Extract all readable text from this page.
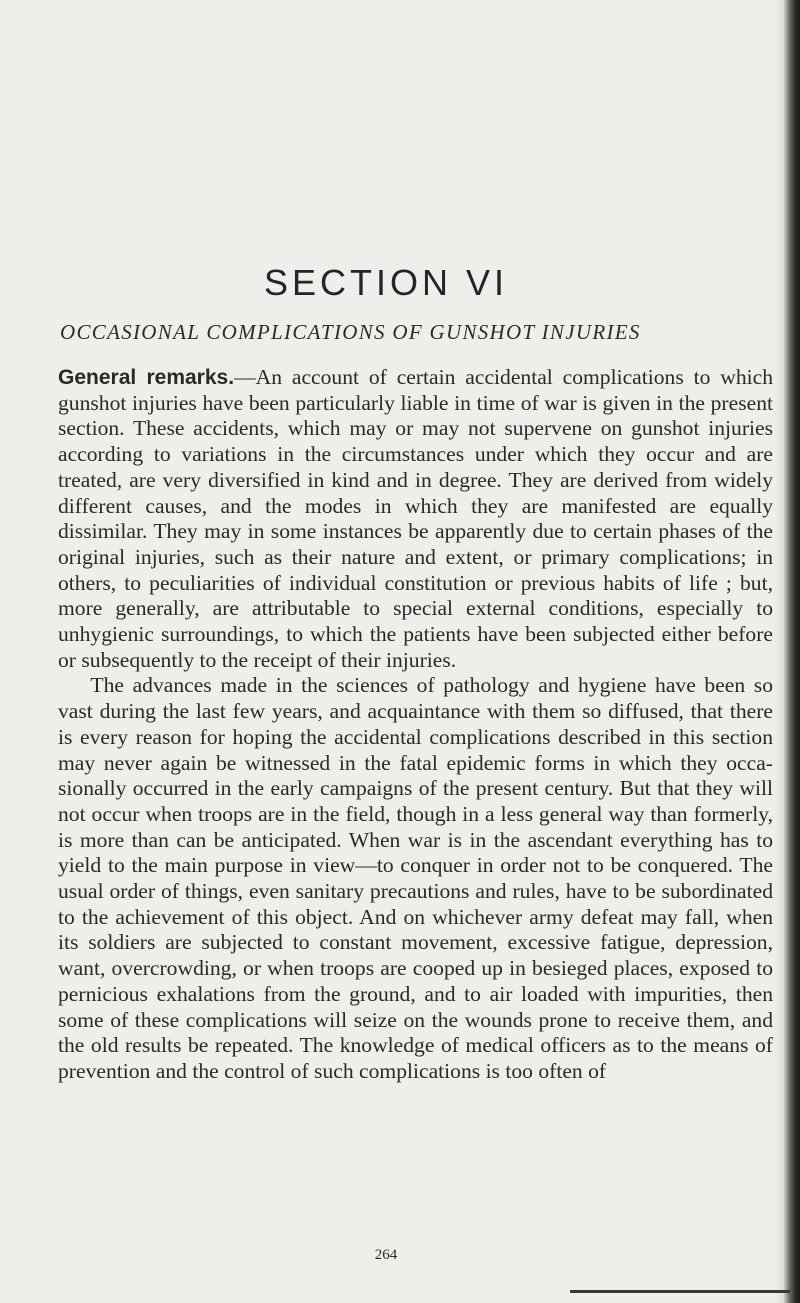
SECTION VI
OCCASIONAL COMPLICATIONS OF GUNSHOT INJURIES

General remarks.—An account of certain accidental complications to which gunshot injuries have been particularly liable in time of war is given in the present section. These accidents, which may or may not supervene on gunshot injuries according to variations in the circumstances under which they occur and are treated, are very diversified in kind and in degree. They are derived from widely different causes, and the modes in which they are manifested are equally dissimilar. They may in some instances be apparently due to certain phases of the original injuries, such as their nature and extent, or primary complications; in others, to peculiarities of individual constitution or previous habits of life ; but, more generally, are attributable to special external conditions, especially to unhygienic surroundings, to which the patients have been subjected either before or subsequently to the receipt of their injuries.

The advances made in the sciences of pathology and hygiene have been so vast during the last few years, and acquaintance with them so diffused, that there is every reason for hoping the accidental complications described in this section may never again be witnessed in the fatal epidemic forms in which they occasionally occurred in the early campaigns of the present century. But that they will not occur when troops are in the field, though in a less general way than formerly, is more than can be anticipated. When war is in the ascendant everything has to yield to the main purpose in view—to conquer in order not to be conquered. The usual order of things, even sanitary precautions and rules, have to be subordinated to the achievement of this object. And on whichever army defeat may fall, when its soldiers are subjected to constant movement, excessive fatigue, depression, want, overcrowding, or when troops are cooped up in besieged places, exposed to pernicious exhalations from the ground, and to air loaded with impurities, then some of these complications will seize on the wounds prone to receive them, and the old results be repeated. The knowledge of medical officers as to the means of prevention and the control of such complications is too often of

264
